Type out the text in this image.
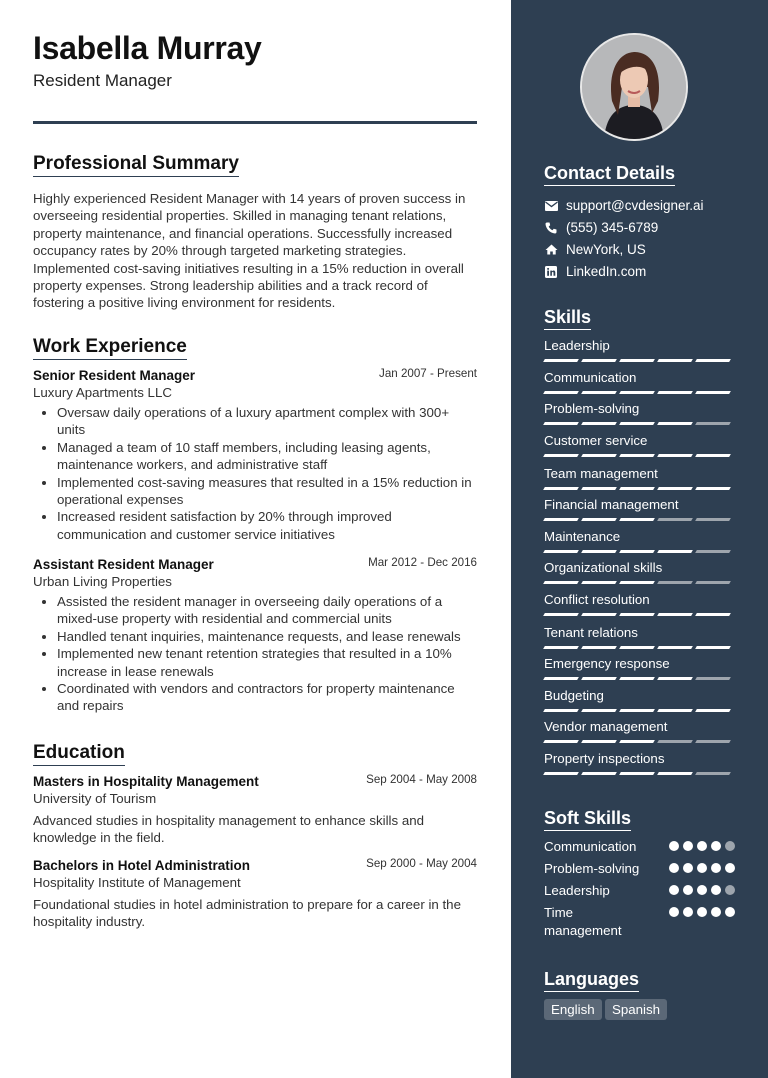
Isabella Murray
Resident Manager
Professional Summary

Highly experienced Resident Manager with 14 years of proven success in overseeing residential properties. Skilled in managing tenant relations, property maintenance, and financial operations. Successfully increased occupancy rates by 20% through targeted marketing strategies. Implemented cost-saving initiatives resulting in a 15% reduction in overall property expenses. Strong leadership abilities and a track record of fostering a positive living environment for residents.

Work Experience
Senior Resident Manager	Jan 2007 - Present
Luxury Apartments LLC
• Oversaw daily operations of a luxury apartment complex with 300+ units
• Managed a team of 10 staff members, including leasing agents, maintenance workers, and administrative staff
• Implemented cost-saving measures that resulted in a 15% reduction in operational expenses
• Increased resident satisfaction by 20% through improved communication and customer service initiatives
Assistant Resident Manager	Mar 2012 - Dec 2016
Urban Living Properties
• Assisted the resident manager in overseeing daily operations of a mixed-use property with residential and commercial units
• Handled tenant inquiries, maintenance requests, and lease renewals
• Implemented new tenant retention strategies that resulted in a 10% increase in lease renewals
• Coordinated with vendors and contractors for property maintenance and repairs
Education
Masters in Hospitality Management	Sep 2004 - May 2008
University of Tourism
Advanced studies in hospitality management to enhance skills and knowledge in the field.
Bachelors in Hotel Administration	Sep 2000 - May 2004
Hospitality Institute of Management
Foundational studies in hotel administration to prepare for a career in the hospitality industry.
Contact Details
support@cvdesigner.ai
(555) 345-6789
NewYork, US
LinkedIn.com
Skills
Leadership
Communication
Problem-solving
Customer service
Team management
Financial management
Maintenance
Organizational skills
Conflict resolution
Tenant relations
Emergency response
Budgeting
Vendor management
Property inspections
Soft Skills
Communication
Problem-solving
Leadership
Time management
Languages
English	Spanish
